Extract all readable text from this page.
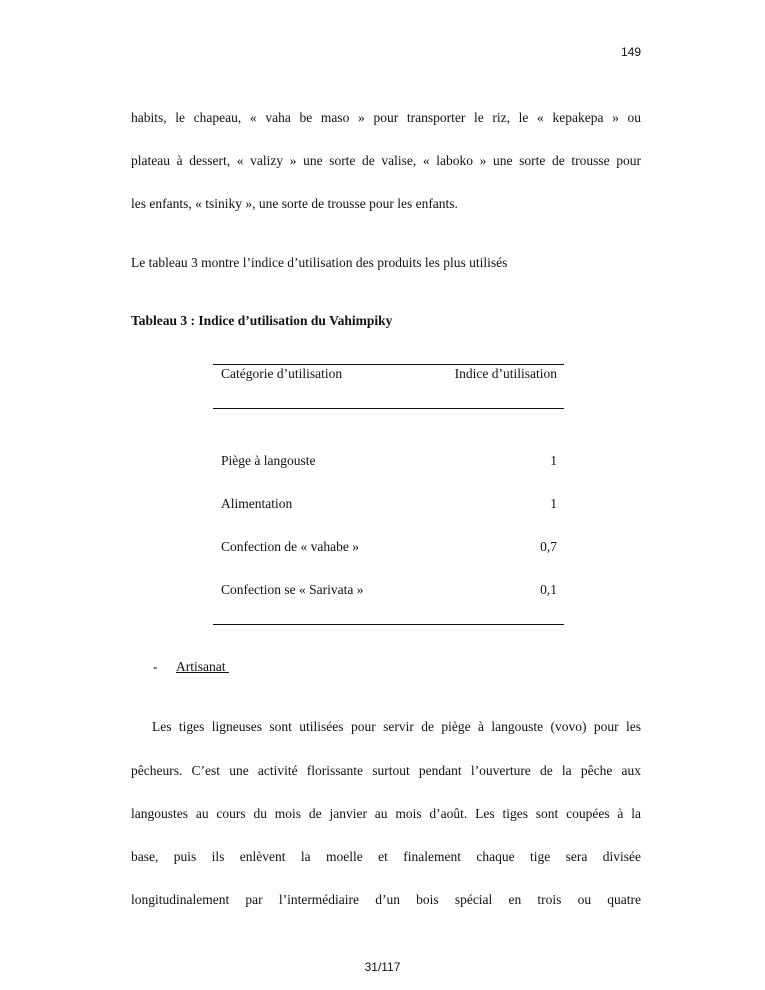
149
habits, le chapeau, « vaha be maso » pour transporter le riz, le « kepakepa » ou
plateau à dessert, « valizy » une sorte de valise, « laboko » une sorte de trousse pour
les enfants, « tsiniky », une sorte de trousse pour les enfants.
Le tableau 3 montre l’indice d’utilisation des produits les plus utilisés
Tableau 3 : Indice d’utilisation du Vahimpiky
Catégorie d’utilisation	Indice d’utilisation
Piège à langouste	1
Alimentation	1
Confection de « vahabe »	0,7
Confection se « Sarivata »	0,1
- Artisanat
Les tiges ligneuses sont utilisées pour servir de piège à langouste (vovo) pour les
pêcheurs. C’est une activité florissante surtout pendant l’ouverture de la pêche aux
langoustes au cours du mois de janvier au mois d’août. Les tiges sont coupées à la
base, puis ils enlèvent la moelle et finalement chaque tige sera divisée
longitudinalement par l’intermédiaire d’un bois spécial en trois ou quatre
31/117
